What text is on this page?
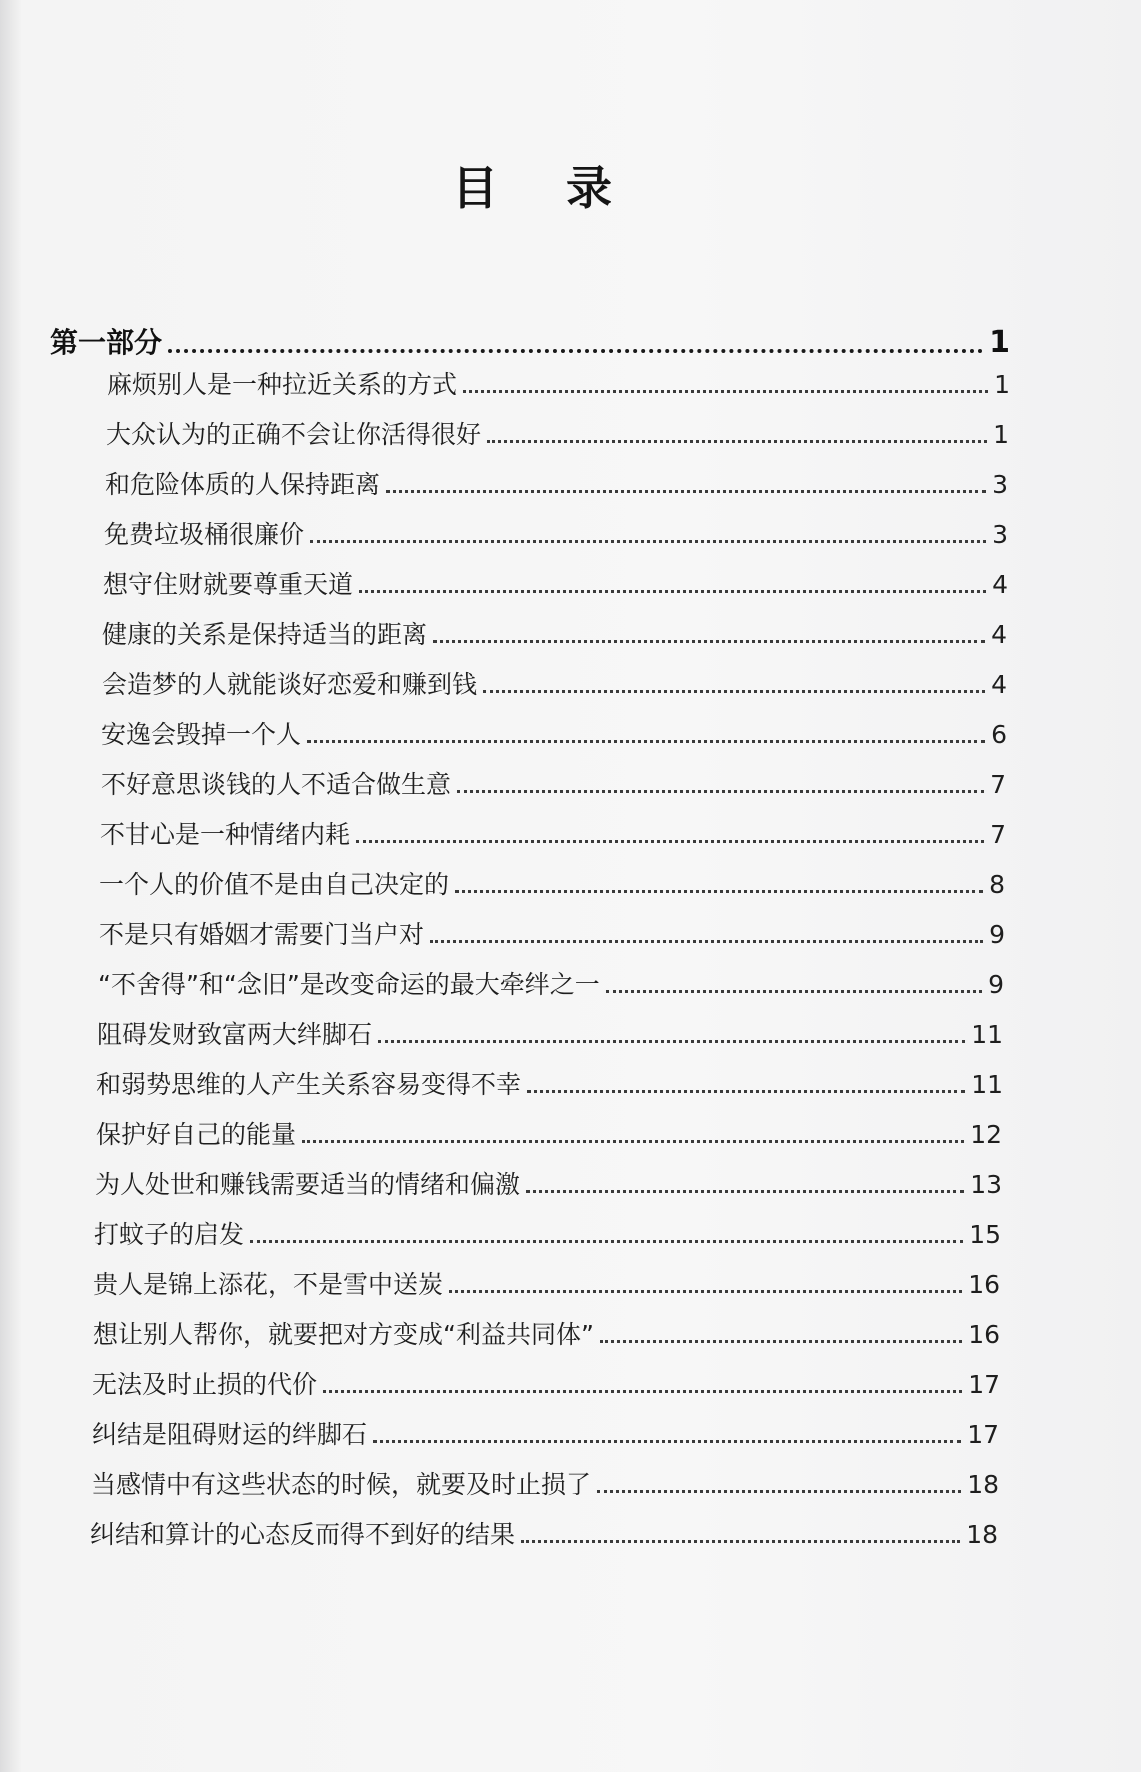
目 录
第一部分	1
麻烦别人是一种拉近关系的方式	1
大众认为的正确不会让你活得很好	1
和危险体质的人保持距离	3
免费垃圾桶很廉价	3
想守住财就要尊重天道	4
健康的关系是保持适当的距离	4
会造梦的人就能谈好恋爱和赚到钱	4
安逸会毁掉一个人	6
不好意思谈钱的人不适合做生意	7
不甘心是一种情绪内耗	7
一个人的价值不是由自己决定的	8
不是只有婚姻才需要门当户对	9
“不舍得”和“念旧”是改变命运的最大牵绊之一	9
阻碍发财致富两大绊脚石	11
和弱势思维的人产生关系容易变得不幸	11
保护好自己的能量	12
为人处世和赚钱需要适当的情绪和偏激	13
打蚊子的启发	15
贵人是锦上添花，不是雪中送炭	16
想让别人帮你，就要把对方变成“利益共同体”	16
无法及时止损的代价	17
纠结是阻碍财运的绊脚石	17
当感情中有这些状态的时候，就要及时止损了	18
纠结和算计的心态反而得不到好的结果	18
